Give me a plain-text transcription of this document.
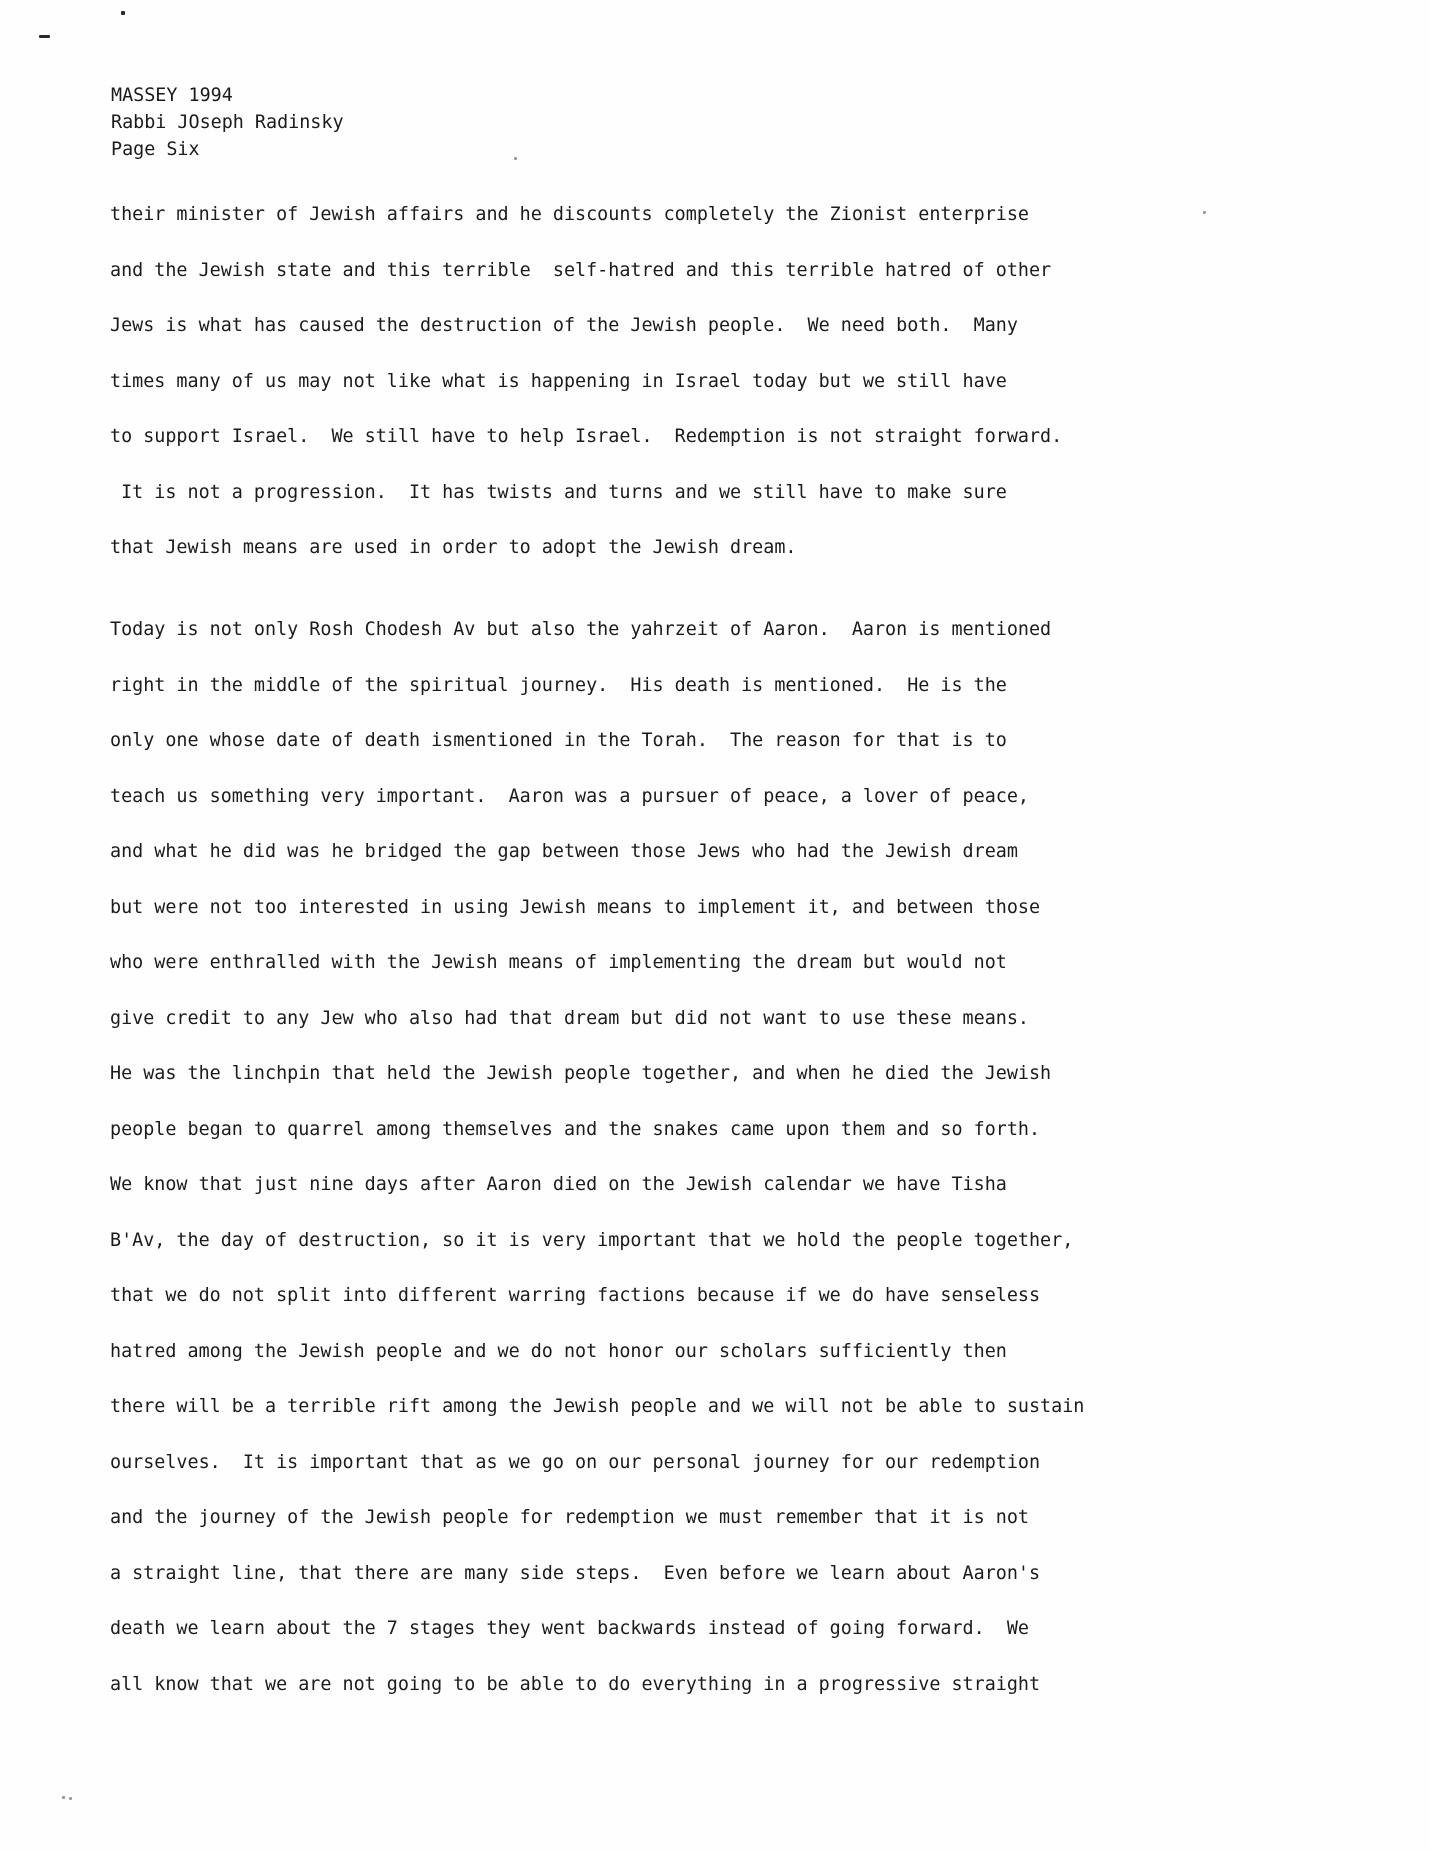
MASSEY 1994
Rabbi JOseph Radinsky
Page Six
their minister of Jewish affairs and he discounts completely the Zionist enterprise
and the Jewish state and this terrible  self-hatred and this terrible hatred of other
Jews is what has caused the destruction of the Jewish people.  We need both.  Many
times many of us may not like what is happening in Israel today but we still have
to support Israel.  We still have to help Israel.  Redemption is not straight forward.
It is not a progression.  It has twists and turns and we still have to make sure
that Jewish means are used in order to adopt the Jewish dream.
Today is not only Rosh Chodesh Av but also the yahrzeit of Aaron.  Aaron is mentioned
right in the middle of the spiritual journey.  His death is mentioned.  He is the
only one whose date of death ismentioned in the Torah.  The reason for that is to
teach us something very important.  Aaron was a pursuer of peace, a lover of peace,
and what he did was he bridged the gap between those Jews who had the Jewish dream
but were not too interested in using Jewish means to implement it, and between those
who were enthralled with the Jewish means of implementing the dream but would not
give credit to any Jew who also had that dream but did not want to use these means.
He was the linchpin that held the Jewish people together, and when he died the Jewish
people began to quarrel among themselves and the snakes came upon them and so forth.
We know that just nine days after Aaron died on the Jewish calendar we have Tisha
B'Av, the day of destruction, so it is very important that we hold the people together,
that we do not split into different warring factions because if we do have senseless
hatred among the Jewish people and we do not honor our scholars sufficiently then
there will be a terrible rift among the Jewish people and we will not be able to sustain
ourselves.  It is important that as we go on our personal journey for our redemption
and the journey of the Jewish people for redemption we must remember that it is not
a straight line, that there are many side steps.  Even before we learn about Aaron's
death we learn about the 7 stages they went backwards instead of going forward.  We
all know that we are not going to be able to do everything in a progressive straight
